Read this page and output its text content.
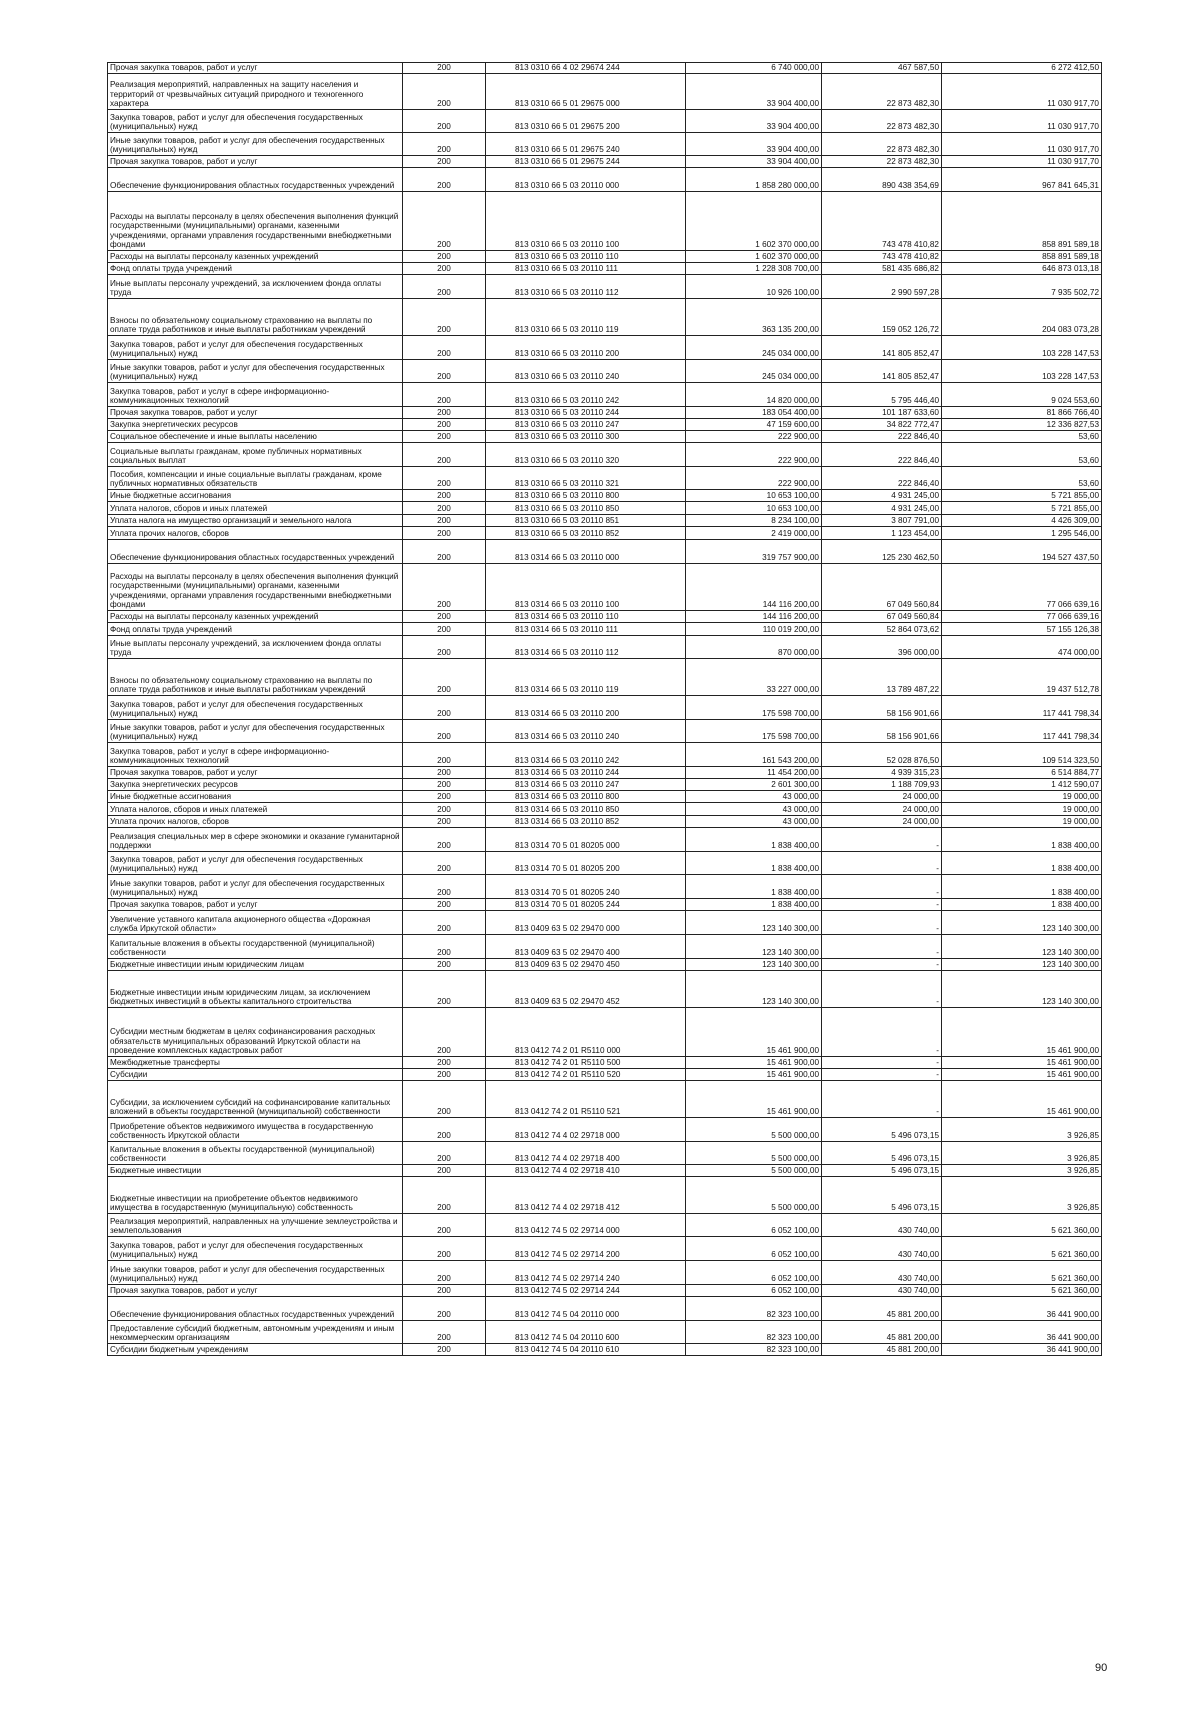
Прочая закупка товаров, работ и услуг	200	813 0310 66 4 02 29674 244	6 740 000,00	467 587,50	6 272 412,50
Реализация мероприятий, направленных на защиту населения и территорий от чрезвычайных ситуаций природного и техногенного характера	200	813 0310 66 5 01 29675 000	33 904 400,00	22 873 482,30	11 030 917,70
Закупка товаров, работ и услуг для обеспечения государственных (муниципальных) нужд	200	813 0310 66 5 01 29675 200	33 904 400,00	22 873 482,30	11 030 917,70
Иные закупки товаров, работ и услуг для обеспечения государственных (муниципальных) нужд	200	813 0310 66 5 01 29675 240	33 904 400,00	22 873 482,30	11 030 917,70
Прочая закупка товаров, работ и услуг	200	813 0310 66 5 01 29675 244	33 904 400,00	22 873 482,30	11 030 917,70
Обеспечение функционирования областных государственных учреждений	200	813 0310 66 5 03 20110 000	1 858 280 000,00	890 438 354,69	967 841 645,31
Расходы на выплаты персоналу в целях обеспечения выполнения функций государственными (муниципальными) органами, казенными учреждениями, органами управления государственными внебюджетными фондами	200	813 0310 66 5 03 20110 100	1 602 370 000,00	743 478 410,82	858 891 589,18
Расходы на выплаты персоналу казенных учреждений	200	813 0310 66 5 03 20110 110	1 602 370 000,00	743 478 410,82	858 891 589,18
Фонд оплаты труда учреждений	200	813 0310 66 5 03 20110 111	1 228 308 700,00	581 435 686,82	646 873 013,18
Иные выплаты персоналу учреждений, за исключением фонда оплаты труда	200	813 0310 66 5 03 20110 112	10 926 100,00	2 990 597,28	7 935 502,72
Взносы по обязательному социальному страхованию на выплаты по оплате труда работников и иные выплаты работникам учреждений	200	813 0310 66 5 03 20110 119	363 135 200,00	159 052 126,72	204 083 073,28
Закупка товаров, работ и услуг для обеспечения государственных (муниципальных) нужд	200	813 0310 66 5 03 20110 200	245 034 000,00	141 805 852,47	103 228 147,53
Иные закупки товаров, работ и услуг для обеспечения государственных (муниципальных) нужд	200	813 0310 66 5 03 20110 240	245 034 000,00	141 805 852,47	103 228 147,53
Закупка товаров, работ и услуг в сфере информационно-коммуникационных технологий	200	813 0310 66 5 03 20110 242	14 820 000,00	5 795 446,40	9 024 553,60
Прочая закупка товаров, работ и услуг	200	813 0310 66 5 03 20110 244	183 054 400,00	101 187 633,60	81 866 766,40
Закупка энергетических ресурсов	200	813 0310 66 5 03 20110 247	47 159 600,00	34 822 772,47	12 336 827,53
Социальное обеспечение и иные выплаты населению	200	813 0310 66 5 03 20110 300	222 900,00	222 846,40	53,60
Социальные выплаты гражданам, кроме публичных нормативных социальных выплат	200	813 0310 66 5 03 20110 320	222 900,00	222 846,40	53,60
Пособия, компенсации и иные социальные выплаты гражданам, кроме публичных нормативных обязательств	200	813 0310 66 5 03 20110 321	222 900,00	222 846,40	53,60
Иные бюджетные ассигнования	200	813 0310 66 5 03 20110 800	10 653 100,00	4 931 245,00	5 721 855,00
Уплата налогов, сборов и иных платежей	200	813 0310 66 5 03 20110 850	10 653 100,00	4 931 245,00	5 721 855,00
Уплата налога на имущество организаций и земельного налога	200	813 0310 66 5 03 20110 851	8 234 100,00	3 807 791,00	4 426 309,00
Уплата прочих налогов, сборов	200	813 0310 66 5 03 20110 852	2 419 000,00	1 123 454,00	1 295 546,00
Обеспечение функционирования областных государственных учреждений	200	813 0314 66 5 03 20110 000	319 757 900,00	125 230 462,50	194 527 437,50
Расходы на выплаты персоналу в целях обеспечения выполнения функций государственными (муниципальными) органами, казенными учреждениями, органами управления государственными внебюджетными фондами	200	813 0314 66 5 03 20110 100	144 116 200,00	67 049 560,84	77 066 639,16
Расходы на выплаты персоналу казенных учреждений	200	813 0314 66 5 03 20110 110	144 116 200,00	67 049 560,84	77 066 639,16
Фонд оплаты труда учреждений	200	813 0314 66 5 03 20110 111	110 019 200,00	52 864 073,62	57 155 126,38
Иные выплаты персоналу учреждений, за исключением фонда оплаты труда	200	813 0314 66 5 03 20110 112	870 000,00	396 000,00	474 000,00
Взносы по обязательному социальному страхованию на выплаты по оплате труда работников и иные выплаты работникам учреждений	200	813 0314 66 5 03 20110 119	33 227 000,00	13 789 487,22	19 437 512,78
Закупка товаров, работ и услуг для обеспечения государственных (муниципальных) нужд	200	813 0314 66 5 03 20110 200	175 598 700,00	58 156 901,66	117 441 798,34
Иные закупки товаров, работ и услуг для обеспечения государственных (муниципальных) нужд	200	813 0314 66 5 03 20110 240	175 598 700,00	58 156 901,66	117 441 798,34
Закупка товаров, работ и услуг в сфере информационно-коммуникационных технологий	200	813 0314 66 5 03 20110 242	161 543 200,00	52 028 876,50	109 514 323,50
Прочая закупка товаров, работ и услуг	200	813 0314 66 5 03 20110 244	11 454 200,00	4 939 315,23	6 514 884,77
Закупка энергетических ресурсов	200	813 0314 66 5 03 20110 247	2 601 300,00	1 188 709,93	1 412 590,07
Иные бюджетные ассигнования	200	813 0314 66 5 03 20110 800	43 000,00	24 000,00	19 000,00
Уплата налогов, сборов и иных платежей	200	813 0314 66 5 03 20110 850	43 000,00	24 000,00	19 000,00
Уплата прочих налогов, сборов	200	813 0314 66 5 03 20110 852	43 000,00	24 000,00	19 000,00
Реализация специальных мер в сфере экономики и оказание гуманитарной поддержки	200	813 0314 70 5 01 80205 000	1 838 400,00	-	1 838 400,00
Закупка товаров, работ и услуг для обеспечения государственных (муниципальных) нужд	200	813 0314 70 5 01 80205 200	1 838 400,00	-	1 838 400,00
Иные закупки товаров, работ и услуг для обеспечения государственных (муниципальных) нужд	200	813 0314 70 5 01 80205 240	1 838 400,00	-	1 838 400,00
Прочая закупка товаров, работ и услуг	200	813 0314 70 5 01 80205 244	1 838 400,00	-	1 838 400,00
Увеличение уставного капитала акционерного общества «Дорожная служба Иркутской области»	200	813 0409 63 5 02 29470 000	123 140 300,00	-	123 140 300,00
Капитальные вложения в объекты государственной (муниципальной) собственности	200	813 0409 63 5 02 29470 400	123 140 300,00	-	123 140 300,00
Бюджетные инвестиции иным юридическим лицам	200	813 0409 63 5 02 29470 450	123 140 300,00	-	123 140 300,00
Бюджетные инвестиции иным юридическим лицам, за исключением бюджетных инвестиций в объекты капитального строительства	200	813 0409 63 5 02 29470 452	123 140 300,00	-	123 140 300,00
Субсидии местным бюджетам в целях софинансирования расходных обязательств муниципальных образований Иркутской области на проведение комплексных кадастровых работ	200	813 0412 74 2 01 R5110 000	15 461 900,00	-	15 461 900,00
Межбюджетные трансферты	200	813 0412 74 2 01 R5110 500	15 461 900,00	-	15 461 900,00
Субсидии	200	813 0412 74 2 01 R5110 520	15 461 900,00	-	15 461 900,00
Субсидии, за исключением субсидий на софинансирование капитальных вложений в объекты государственной (муниципальной) собственности	200	813 0412 74 2 01 R5110 521	15 461 900,00	-	15 461 900,00
Приобретение объектов недвижимого имущества в государственную собственность Иркутской области	200	813 0412 74 4 02 29718 000	5 500 000,00	5 496 073,15	3 926,85
Капитальные вложения в объекты государственной (муниципальной) собственности	200	813 0412 74 4 02 29718 400	5 500 000,00	5 496 073,15	3 926,85
Бюджетные инвестиции	200	813 0412 74 4 02 29718 410	5 500 000,00	5 496 073,15	3 926,85
Бюджетные инвестиции на приобретение объектов недвижимого имущества в государственную (муниципальную) собственность	200	813 0412 74 4 02 29718 412	5 500 000,00	5 496 073,15	3 926,85
Реализация мероприятий, направленных на улучшение землеустройства и землепользования	200	813 0412 74 5 02 29714 000	6 052 100,00	430 740,00	5 621 360,00
Закупка товаров, работ и услуг для обеспечения государственных (муниципальных) нужд	200	813 0412 74 5 02 29714 200	6 052 100,00	430 740,00	5 621 360,00
Иные закупки товаров, работ и услуг для обеспечения государственных (муниципальных) нужд	200	813 0412 74 5 02 29714 240	6 052 100,00	430 740,00	5 621 360,00
Прочая закупка товаров, работ и услуг	200	813 0412 74 5 02 29714 244	6 052 100,00	430 740,00	5 621 360,00
Обеспечение функционирования областных государственных учреждений	200	813 0412 74 5 04 20110 000	82 323 100,00	45 881 200,00	36 441 900,00
Предоставление субсидий бюджетным, автономным учреждениям и иным некоммерческим организациям	200	813 0412 74 5 04 20110 600	82 323 100,00	45 881 200,00	36 441 900,00
Субсидии бюджетным учреждениям	200	813 0412 74 5 04 20110 610	82 323 100,00	45 881 200,00	36 441 900,00
90
